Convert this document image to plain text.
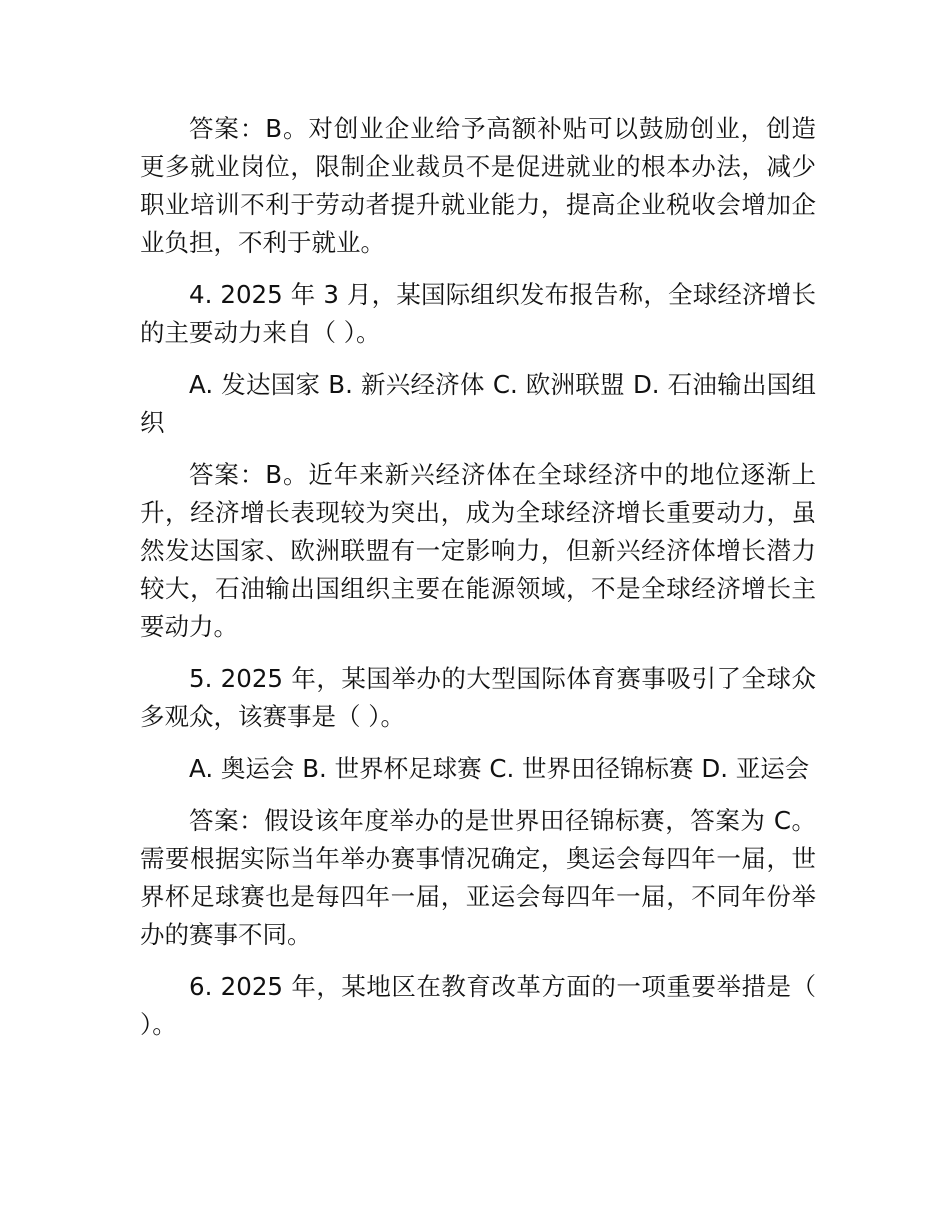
答案：B。对创业企业给予高额补贴可以鼓励创业，创造更多就业岗位，限制企业裁员不是促进就业的根本办法，减少职业培训不利于劳动者提升就业能力，提高企业税收会增加企业负担，不利于就业。

4. 2025 年 3 月，某国际组织发布报告称，全球经济增长的主要动力来自（ ）。

A. 发达国家 B. 新兴经济体 C. 欧洲联盟 D. 石油输出国组织

答案：B。近年来新兴经济体在全球经济中的地位逐渐上升，经济增长表现较为突出，成为全球经济增长重要动力，虽然发达国家、欧洲联盟有一定影响力，但新兴经济体增长潜力较大，石油输出国组织主要在能源领域，不是全球经济增长主要动力。

5. 2025 年，某国举办的大型国际体育赛事吸引了全球众多观众，该赛事是（ ）。

A. 奥运会 B. 世界杯足球赛 C. 世界田径锦标赛 D. 亚运会

答案：假设该年度举办的是世界田径锦标赛，答案为 C。需要根据实际当年举办赛事情况确定，奥运会每四年一届，世界杯足球赛也是每四年一届，亚运会每四年一届，不同年份举办的赛事不同。

6. 2025 年，某地区在教育改革方面的一项重要举措是（ ）。
